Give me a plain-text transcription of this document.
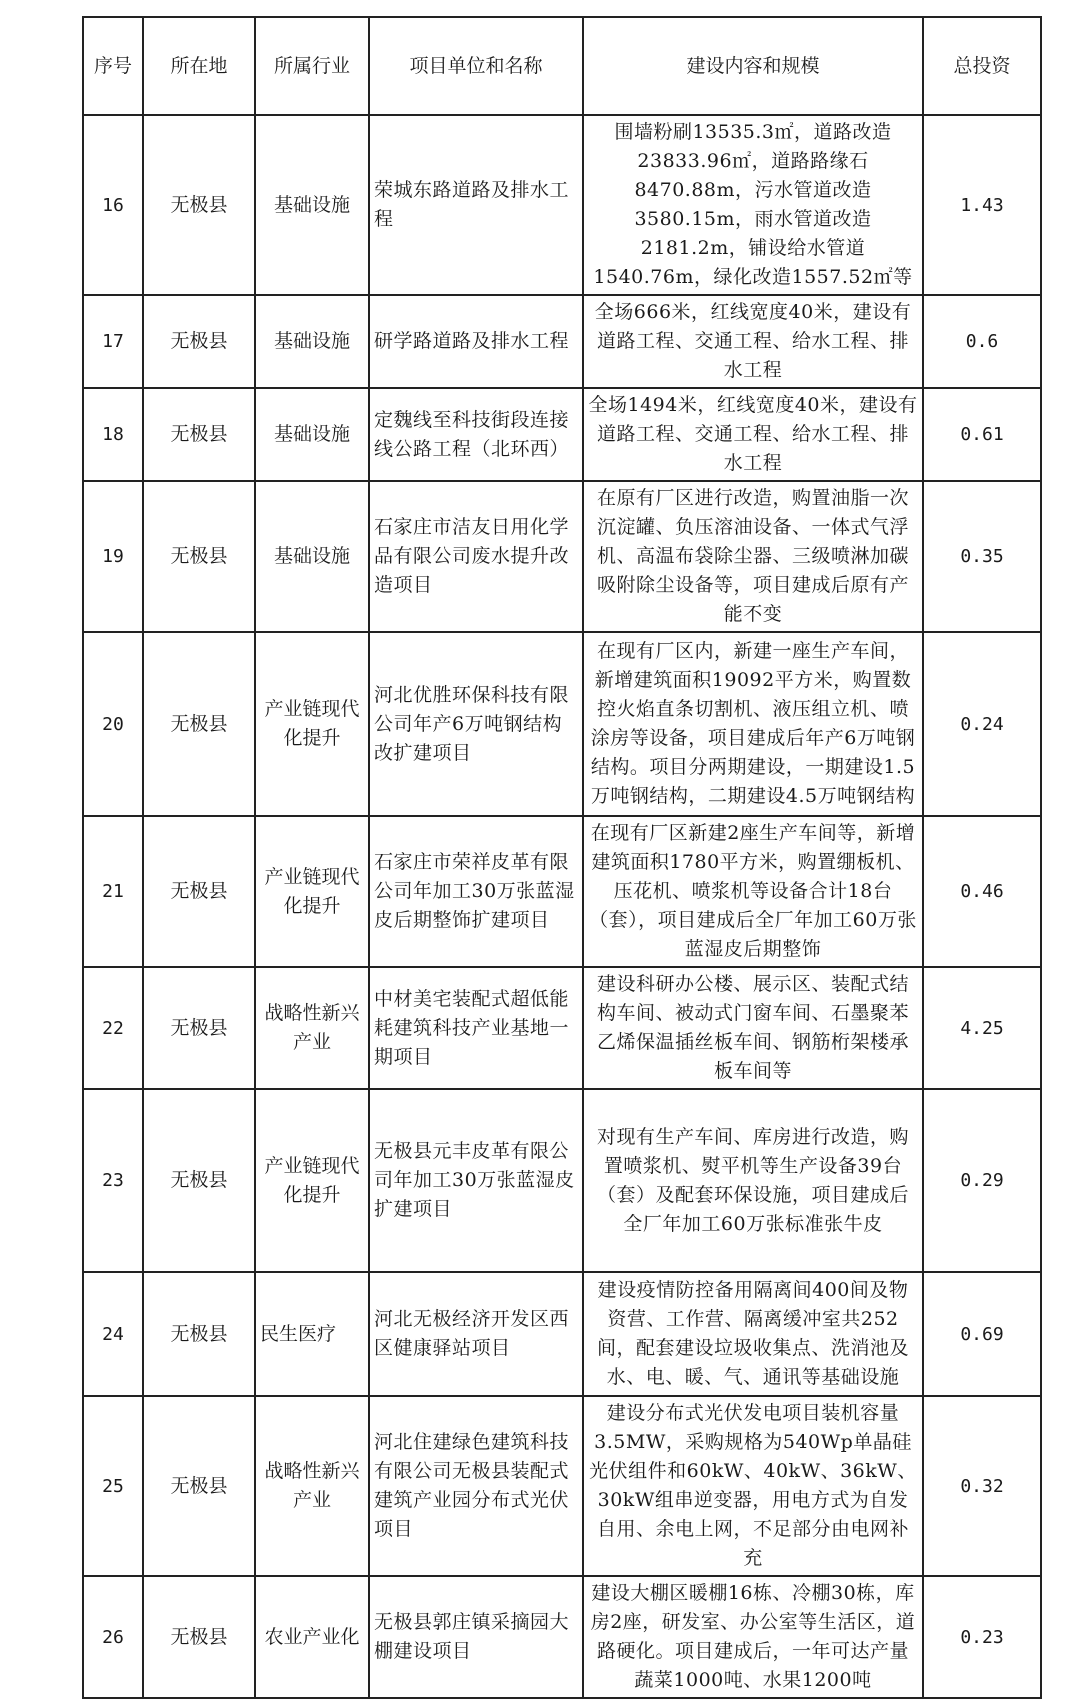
序号	所在地	所属行业	项目单位和名称	建设内容和规模	总投资
16	无极县	基础设施	荣城东路道路及排水工程	围墙粉刷13535.3㎡，道路改造23833.96㎡，道路路缘石8470.88m，污水管道改造3580.15m，雨水管道改造2181.2m，铺设给水管道1540.76m，绿化改造1557.52㎡等	1.43
17	无极县	基础设施	研学路道路及排水工程	全场666米，红线宽度40米，建设有道路工程、交通工程、给水工程、排水工程	0.6
18	无极县	基础设施	定魏线至科技街段连接线公路工程（北环西）	全场1494米，红线宽度40米，建设有道路工程、交通工程、给水工程、排水工程	0.61
19	无极县	基础设施	石家庄市洁友日用化学品有限公司废水提升改造项目	在原有厂区进行改造，购置油脂一次沉淀罐、负压溶油设备、一体式气浮机、高温布袋除尘器、三级喷淋加碳吸附除尘设备等，项目建成后原有产能不变	0.35
20	无极县	产业链现代化提升	河北优胜环保科技有限公司年产6万吨钢结构改扩建项目	在现有厂区内，新建一座生产车间，新增建筑面积19092平方米，购置数控火焰直条切割机、液压组立机、喷涂房等设备，项目建成后年产6万吨钢结构。项目分两期建设，一期建设1.5万吨钢结构，二期建设4.5万吨钢结构	0.24
21	无极县	产业链现代化提升	石家庄市荣祥皮革有限公司年加工30万张蓝湿皮后期整饰扩建项目	在现有厂区新建2座生产车间等，新增建筑面积1780平方米，购置绷板机、压花机、喷浆机等设备合计18台（套），项目建成后全厂年加工60万张蓝湿皮后期整饰	0.46
22	无极县	战略性新兴产业	中材美宅装配式超低能耗建筑科技产业基地一期项目	建设科研办公楼、展示区、装配式结构车间、被动式门窗车间、石墨聚苯乙烯保温插丝板车间、钢筋桁架楼承板车间等	4.25
23	无极县	产业链现代化提升	无极县元丰皮革有限公司年加工30万张蓝湿皮扩建项目	对现有生产车间、库房进行改造，购置喷浆机、熨平机等生产设备39台（套）及配套环保设施，项目建成后全厂年加工60万张标准张牛皮	0.29
24	无极县	民生医疗	河北无极经济开发区西区健康驿站项目	建设疫情防控备用隔离间400间及物资营、工作营、隔离缓冲室共252间，配套建设垃圾收集点、洗消池及水、电、暖、气、通讯等基础设施	0.69
25	无极县	战略性新兴产业	河北住建绿色建筑科技有限公司无极县装配式建筑产业园分布式光伏项目	建设分布式光伏发电项目装机容量3.5MW，采购规格为540Wp单晶硅光伏组件和60kW、40kW、36kW、30kW组串逆变器，用电方式为自发自用、余电上网，不足部分由电网补充	0.32
26	无极县	农业产业化	无极县郭庄镇采摘园大棚建设项目	建设大棚区暖棚16栋、冷棚30栋，库房2座，研发室、办公室等生活区，道路硬化。项目建成后，一年可达产量蔬菜1000吨、水果1200吨	0.23
